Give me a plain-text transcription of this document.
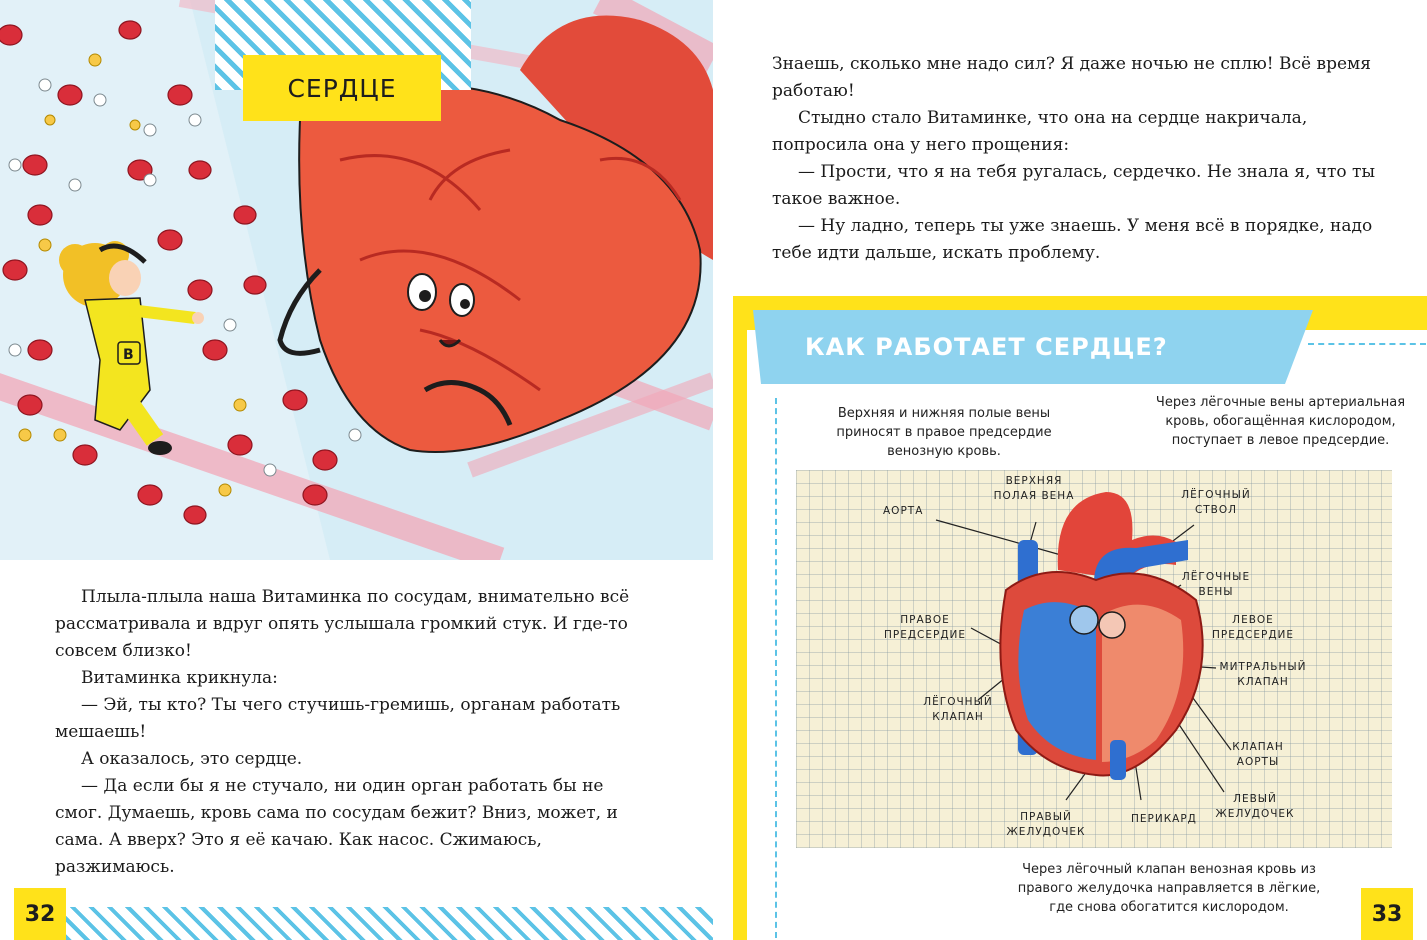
В
СЕРДЦЕ

Плыла-плыла наша Витаминка по сосудам, внимательно всё рассматривала и вдруг опять услышала громкий стук. И где-то совсем близко!

Витаминка крикнула:

— Эй, ты кто? Ты чего стучишь-гремишь, органам работать мешаешь!

А оказалось, это сердце.

— Да если бы я не стучало, ни один орган работать бы не смог. Думаешь, кровь сама по сосудам бежит? Вниз, может, и сама. А вверх? Это я её качаю. Как насос. Сжимаюсь, разжимаюсь.

32

Знаешь, сколько мне надо сил? Я даже ночью не сплю! Всё время работаю!

Стыдно стало Витаминке, что она на сердце накричала, попросила она у него прощения:

— Прости, что я на тебя ругалась, сердечко. Не знала я, что ты такое важное.

— Ну ладно, теперь ты уже знаешь. У меня всё в порядке, надо тебе идти дальше, искать проблему.

КАК РАБОТАЕТ СЕРДЦЕ?
Верхняя и нижняя полые вены приносят в правое предсердие венозную кровь.
Через лёгочные вены артериальная кровь, обогащённая кислородом, поступает в левое предсердие.
ВЕРХНЯЯ ПОЛАЯ ВЕНА
АОРТА
ЛЁГОЧНЫЙ СТВОЛ
ЛЁГОЧНЫЕ ВЕНЫ
ПРАВОЕ ПРЕДСЕРДИЕ
ЛЕВОЕ ПРЕДСЕРДИЕ
МИТРАЛЬНЫЙ КЛАПАН
ЛЁГОЧНЫЙ КЛАПАН
КЛАПАН АОРТЫ
ПРАВЫЙ ЖЕЛУДОЧЕК
ПЕРИКАРД
ЛЕВЫЙ ЖЕЛУДОЧЕК
Через лёгочный клапан венозная кровь из правого желудочка направляется в лёгкие, где снова обогатится кислородом.	33
